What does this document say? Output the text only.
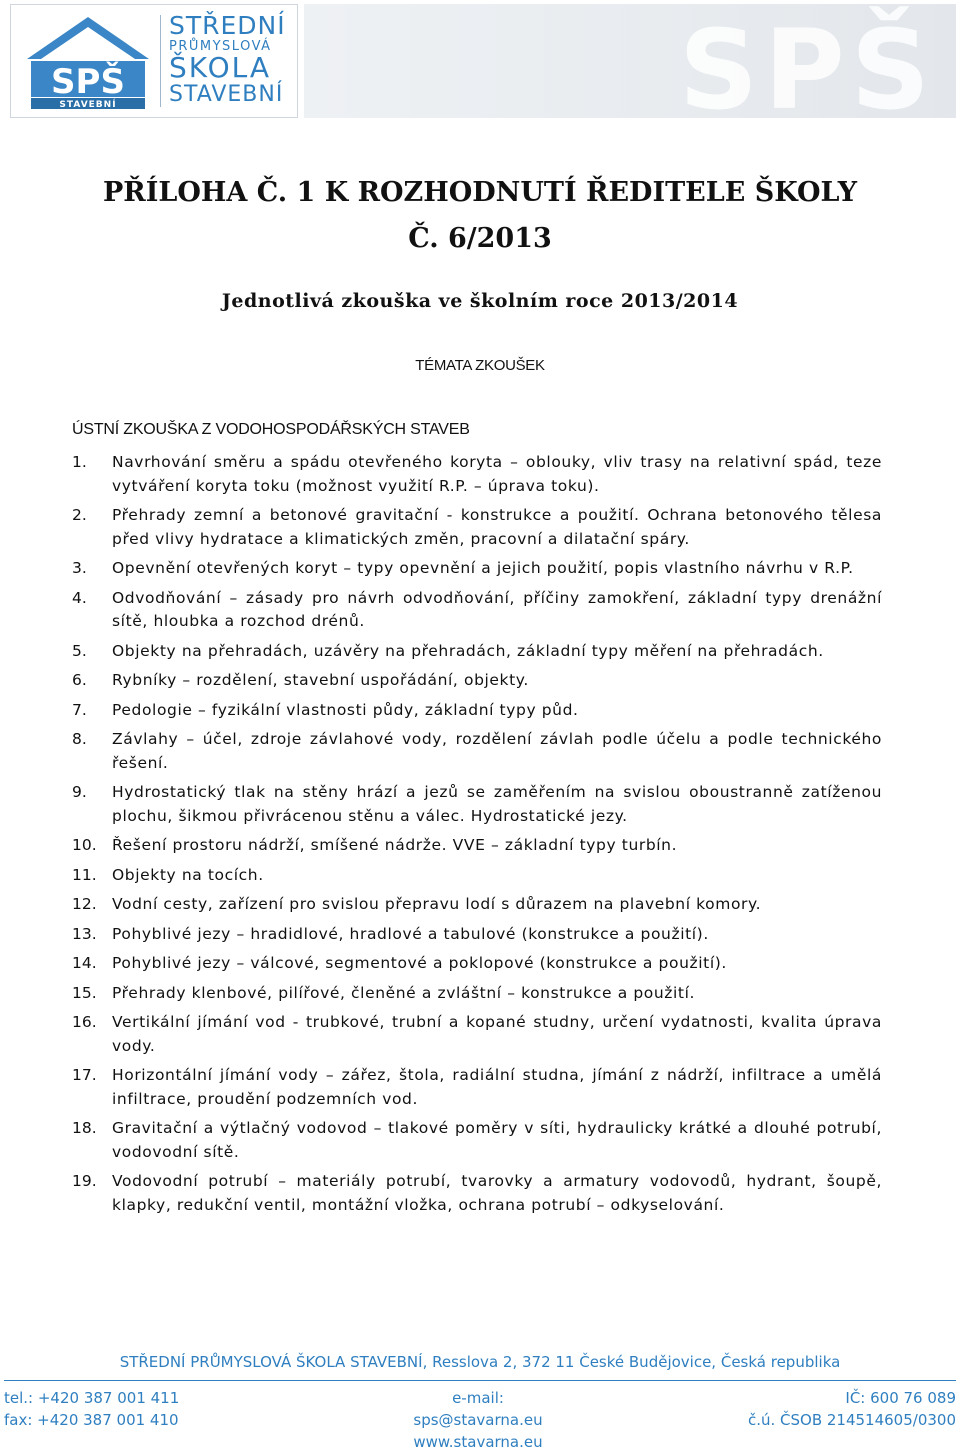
SPŠ
STAVEBNÍ
STŘEDNÍ
PRŮMYSLOVÁ
ŠKOLA
STAVEBNÍ	SPŠ
PŘÍLOHA Č. 1 K ROZHODNUTÍ ŘEDITELE ŠKOLY
Č. 6/2013
Jednotlivá zkouška ve školním roce 2013/2014
TÉMATA ZKOUŠEK
ÚSTNÍ ZKOUŠKA Z VODOHOSPODÁŘSKÝCH STAVEB
1.	Navrhování směru a spádu otevřeného koryta – oblouky, vliv trasy na relativní spád, teze vytváření koryta toku (možnost využití R.P. – úprava toku).
2.	Přehrady zemní a betonové gravitační - konstrukce a použití. Ochrana betonového tělesa před vlivy hydratace a klimatických změn, pracovní a dilatační spáry.
3.	Opevnění otevřených koryt – typy opevnění a jejich použití, popis vlastního návrhu v R.P.
4.	Odvodňování – zásady pro návrh odvodňování, příčiny zamokření, základní typy drenážní sítě, hloubka a rozchod drénů.
5.	Objekty na přehradách, uzávěry na přehradách, základní typy měření na přehradách.
6.	Rybníky – rozdělení, stavební uspořádání, objekty.
7.	Pedologie – fyzikální vlastnosti půdy, základní typy půd.
8.	Závlahy – účel, zdroje závlahové vody, rozdělení závlah podle účelu a podle technického řešení.
9.	Hydrostatický tlak na stěny hrází a jezů se zaměřením na svislou oboustranně zatíženou plochu, šikmou přivrácenou stěnu a válec. Hydrostatické jezy.
10. Řešení prostoru nádrží, smíšené nádrže. VVE – základní typy turbín.
11. Objekty na tocích.
12. Vodní cesty, zařízení pro svislou přepravu lodí s důrazem na plavební komory.
13. Pohyblivé jezy – hradidlové, hradlové a tabulové (konstrukce a použití).
14. Pohyblivé jezy – válcové, segmentové a poklopové (konstrukce a použití).
15. Přehrady klenbové, pilířové, členěné a zvláštní – konstrukce a použití.
16. Vertikální jímání vod - trubkové, trubní a kopané studny, určení vydatnosti, kvalita úprava vody.
17. Horizontální jímání vody – zářez, štola, radiální studna, jímání z nádrží, infiltrace a umělá infiltrace, proudění podzemních vod.
18. Gravitační a výtlačný vodovod – tlakové poměry v síti, hydraulicky krátké a dlouhé potrubí, vodovodní sítě.
19. Vodovodní potrubí – materiály potrubí, tvarovky a armatury vodovodů, hydrant, šoupě, klapky, redukční ventil, montážní vložka, ochrana potrubí – odkyselování.
STŘEDNÍ PRŮMYSLOVÁ ŠKOLA STAVEBNÍ, Resslova 2, 372 11 České Budějovice, Česká republika
tel.: +420 387 001 411
fax: +420 387 001 410
e-mail: sps@stavarna.eu
www.stavarna.eu
IČ: 600 76 089
č.ú. ČSOB 214514605/0300
